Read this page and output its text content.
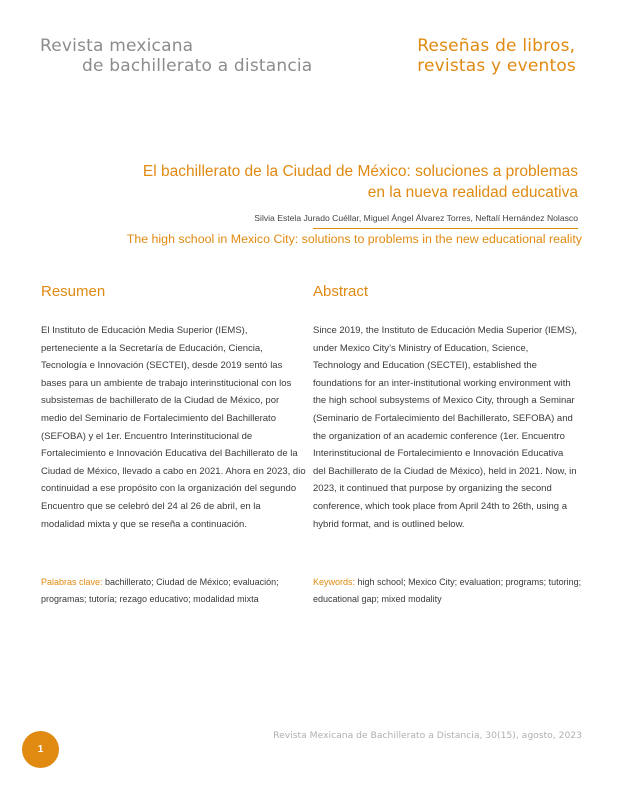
Revista mexicana
de bachillerato a distancia
Reseñas de libros,
revistas y eventos
El bachillerato de la Ciudad de México: soluciones a problemas
en la nueva realidad educativa
Silvia Estela Jurado Cuéllar, Miguel Ángel Álvarez Torres, Neftalí Hernández Nolasco
The high school in Mexico City: solutions to problems in the new educational reality
Resumen

El Instituto de Educación Media Superior (IEMS), perteneciente a la Secretaría de Educación, Ciencia, Tecnología e Innovación (SECTEI), desde 2019 sentó las bases para un ambiente de trabajo interinstitucional con los subsistemas de bachillerato de la Ciudad de México, por medio del Seminario de Fortalecimiento del Bachillerato (SEFOBA) y el 1er. Encuentro Interinstitucional de Fortalecimiento e Innovación Educativa del Bachillerato de la Ciudad de México, llevado a cabo en 2021. Ahora en 2023, dio continuidad a ese propósito con la organización del segundo Encuentro que se celebró del 24 al 26 de abril, en la modalidad mixta y que se reseña a continuación.

Abstract

Since 2019, the Instituto de Educación Media Superior (IEMS), under Mexico City’s Ministry of Education, Science, Technology and Education (SECTEI), established the foundations for an inter-institutional working environment with the high school subsystems of Mexico City, through a Seminar (Seminario de Fortalecimiento del Bachillerato, SEFOBA) and the organization of an academic conference (1er. Encuentro Interinstitucional de Fortalecimiento e Innovación Educativa del Bachillerato de la Ciudad de México), held in 2021. Now, in 2023, it continued that purpose by organizing the second conference, which took place from April 24th to 26th, using a hybrid format, and is outlined below.

Palabras clave: bachillerato; Ciudad de México; evaluación; programas; tutoría; rezago educativo; modalidad mixta
Keywords: high school; Mexico City; evaluation; programs; tutoring; educational gap; mixed modality
Revista Mexicana de Bachillerato a Distancia, 30(15), agosto, 2023
1
